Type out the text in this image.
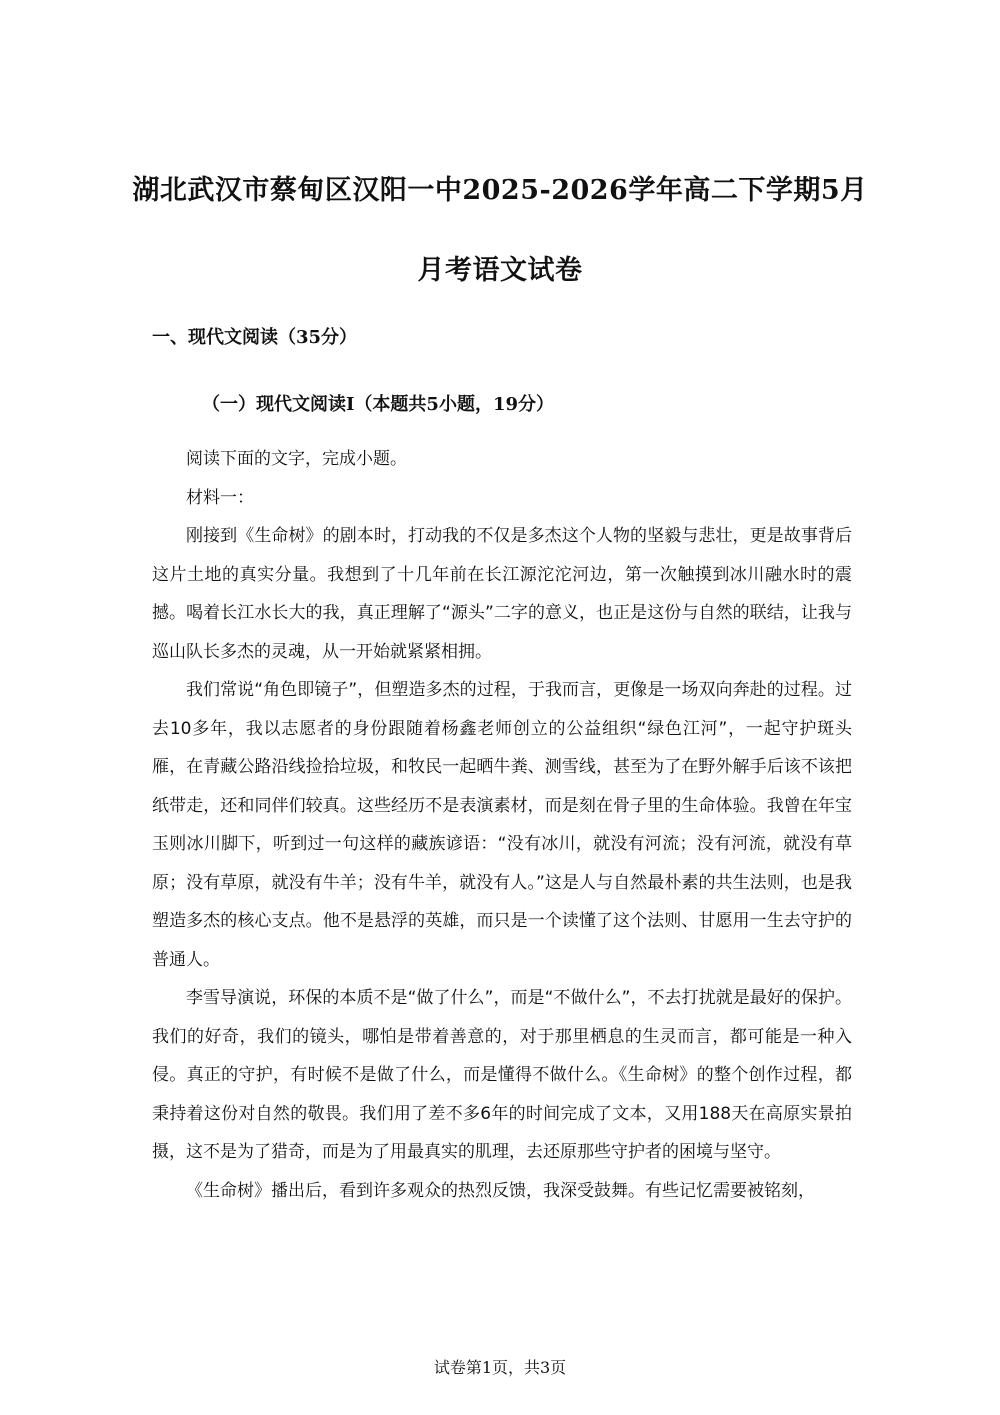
湖北武汉市蔡甸区汉阳一中2025-2026学年高二下学期5月
月考语文试卷
一、现代文阅读（35分）
（一）现代文阅读Ⅰ（本题共5小题，19分）

阅读下面的文字，完成小题。

材料一：

刚接到《生命树》的剧本时，打动我的不仅是多杰这个人物的坚毅与悲壮，更是故事背后这片土地的真实分量。我想到了十几年前在长江源沱沱河边，第一次触摸到冰川融水时的震撼。喝着长江水长大的我，真正理解了“源头”二字的意义，也正是这份与自然的联结，让我与巡山队长多杰的灵魂，从一开始就紧紧相拥。

我们常说“角色即镜子”，但塑造多杰的过程，于我而言，更像是一场双向奔赴的过程。过去10多年，我以志愿者的身份跟随着杨鑫老师创立的公益组织“绿色江河”，一起守护斑头雁，在青藏公路沿线捡拾垃圾，和牧民一起晒牛粪、测雪线，甚至为了在野外解手后该不该把纸带走，还和同伴们较真。这些经历不是表演素材，而是刻在骨子里的生命体验。我曾在年宝玉则冰川脚下，听到过一句这样的藏族谚语：“没有冰川，就没有河流；没有河流，就没有草原；没有草原，就没有牛羊；没有牛羊，就没有人。”这是人与自然最朴素的共生法则，也是我塑造多杰的核心支点。他不是悬浮的英雄，而只是一个读懂了这个法则、甘愿用一生去守护的普通人。

李雪导演说，环保的本质不是“做了什么”，而是“不做什么”，不去打扰就是最好的保护。我们的好奇，我们的镜头，哪怕是带着善意的，对于那里栖息的生灵而言，都可能是一种入侵。真正的守护，有时候不是做了什么，而是懂得不做什么。《生命树》的整个创作过程，都秉持着这份对自然的敬畏。我们用了差不多6年的时间完成了文本，又用188天在高原实景拍摄，这不是为了猎奇，而是为了用最真实的肌理，去还原那些守护者的困境与坚守。

《生命树》播出后，看到许多观众的热烈反馈，我深受鼓舞。有些记忆需要被铭刻，

试卷第1页，共3页
